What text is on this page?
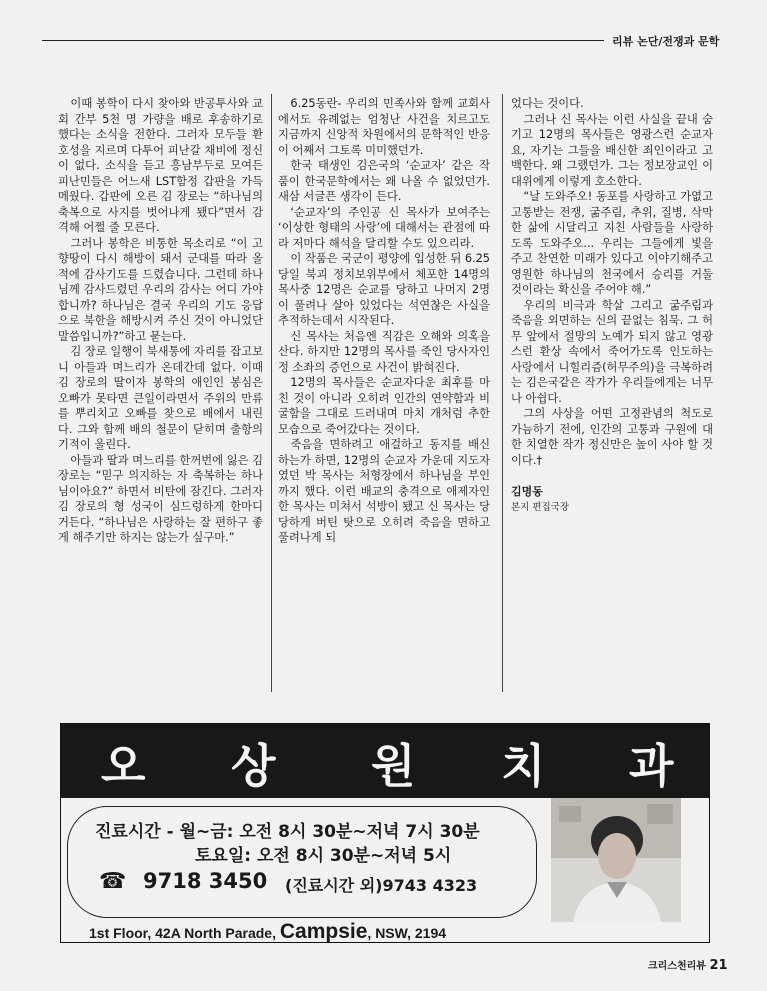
리뷰 논단/전쟁과 문학

이때 봉학이 다시 찾아와 반공투사와 교회 간부 5천 명 가량을 배로 후송하기로 했다는 소식을 전한다. 그러자 모두들 환호성을 지르며 다투어 피난갈 채비에 정신이 없다. 소식을 듣고 흥남부두로 모여든 피난민들은 어느새 LST함정 갑판을 가득 메웠다. 갑판에 오른 김 장로는 “하나님의 축복으로 사지를 벗어나게 됐다”면서 감격해 어쩔 줄 모른다.

그러나 봉학은 비통한 목소리로 “이 고향땅이 다시 해방이 돼서 군대를 따라 올적에 감사기도를 드렸습니다. 그런데 하나님께 감사드렸던 우리의 감사는 어디 가야합니까? 하나님은 결국 우리의 기도 응답으로 북한을 해방시켜 주신 것이 아니었단 말씀입니까?”하고 묻는다.

김 장로 일행이 북새통에 자리를 잡고보니 아들과 며느리가 온데간데 없다. 이때 김 장로의 딸이자 봉학의 애인인 봉심은 오빠가 못타면 큰일이라면서 주위의 만류를 뿌리치고 오빠를 찾으로 배에서 내린다. 그와 함께 배의 철문이 닫히며 출항의 기적이 울린다.

아들과 딸과 며느리를 한꺼번에 잃은 김 장로는 “믿구 의지하는 자 축복하는 하나님이아요?” 하면서 비탄에 잠긴다. 그러자 김 장로의 형 성국이 심드렁하게 한마디 거든다. “하나님은 사랑하는 잘 편하구 좋게 해주기만 하지는 않는가 싶구마.”

6.25동란- 우리의 민족사와 함께 교회사에서도 유례없는 엄청난 사건을 치르고도 지금까지 신앙적 차원에서의 문학적인 반응이 어째서 그토록 미미했던가.

한국 태생인 김은국의 ‘순교자’ 같은 작품이 한국문학에서는 왜 나올 수 없었던가. 새삼 서글픈 생각이 든다.

‘순교자’의 주인공 신 목사가 보여주는 ‘이상한 형태의 사랑’에 대해서는 관점에 따라 저마다 해석을 달리할 수도 있으리라.

이 작품은 국군이 평양에 입성한 뒤 6.25당일 북괴 정치보위부에서 체포한 14명의 목사중 12명은 순교를 당하고 나머지 2명이 풀려나 살아 있었다는 석연찮은 사실을 추적하는데서 시작된다.

신 목사는 처음엔 직감은 오해와 의혹을 산다. 하지만 12명의 목사를 죽인 당사자인 정 소좌의 증언으로 사건이 밝혀진다.

12명의 목사들은 순교자다운 최후를 마친 것이 아니라 오히려 인간의 연약함과 비굴함을 그대로 드러내며 마치 개처럼 추한 모습으로 죽어갔다는 것이다.

죽음을 면하려고 애걸하고 동지를 배신하는가 하면, 12명의 순교자 가운데 지도자였던 박 목사는 처형장에서 하나님을 부인까지 했다. 이런 배교의 충격으로 애제자인 한 목사는 미쳐서 석방이 됐고 신 목사는 당당하게 버틴 탓으로 오히려 죽음을 면하고 풀려나게 되

었다는 것이다.

그러나 신 목사는 이런 사실을 끝내 숨기고 12명의 목사들은 영광스런 순교자요, 자기는 그들을 배신한 죄인이라고 고백한다. 왜 그랬던가. 그는 정보장교인 이 대위에게 이렇게 호소한다.

“날 도와주오! 동포를 사랑하고 가엾고 고통받는 전쟁, 굶주림, 추위, 질병, 삭막한 삶에 시달리고 지친 사람들을 사랑하도록 도와주오... 우리는 그들에게 빛을 주고 찬연한 미래가 있다고 이야기해주고 영원한 하나님의 천국에서 승리를 거둘 것이라는 확신을 주어야 해.”

우리의 비극과 학살 그리고 굶주림과 죽음을 외면하는 신의 끝없는 침묵. 그 허무 앞에서 절망의 노예가 되지 않고 영광스런 환상 속에서 죽어가도록 인도하는 사랑에서 니힐리즘(허무주의)을 극복하려는 김은국같은 작가가 우리들에게는 너무나 아쉽다.

그의 사상을 어떤 고정관념의 척도로 가늠하기 전에, 인간의 고통과 구원에 대한 치열한 작가 정신만은 높이 사야 할 것이다.†

김명동

본지 편집국장

오 상 원 치 과
진료시간 - 월~금: 오전 8시 30분~저녁 7시 30분
토요일: 오전 8시 30분~저녁 5시
☎ 9718 3450 (진료시간 외)9743 4323
1st Floor, 42A North Parade, Campsie, NSW, 2194
크리스천리뷰 21
